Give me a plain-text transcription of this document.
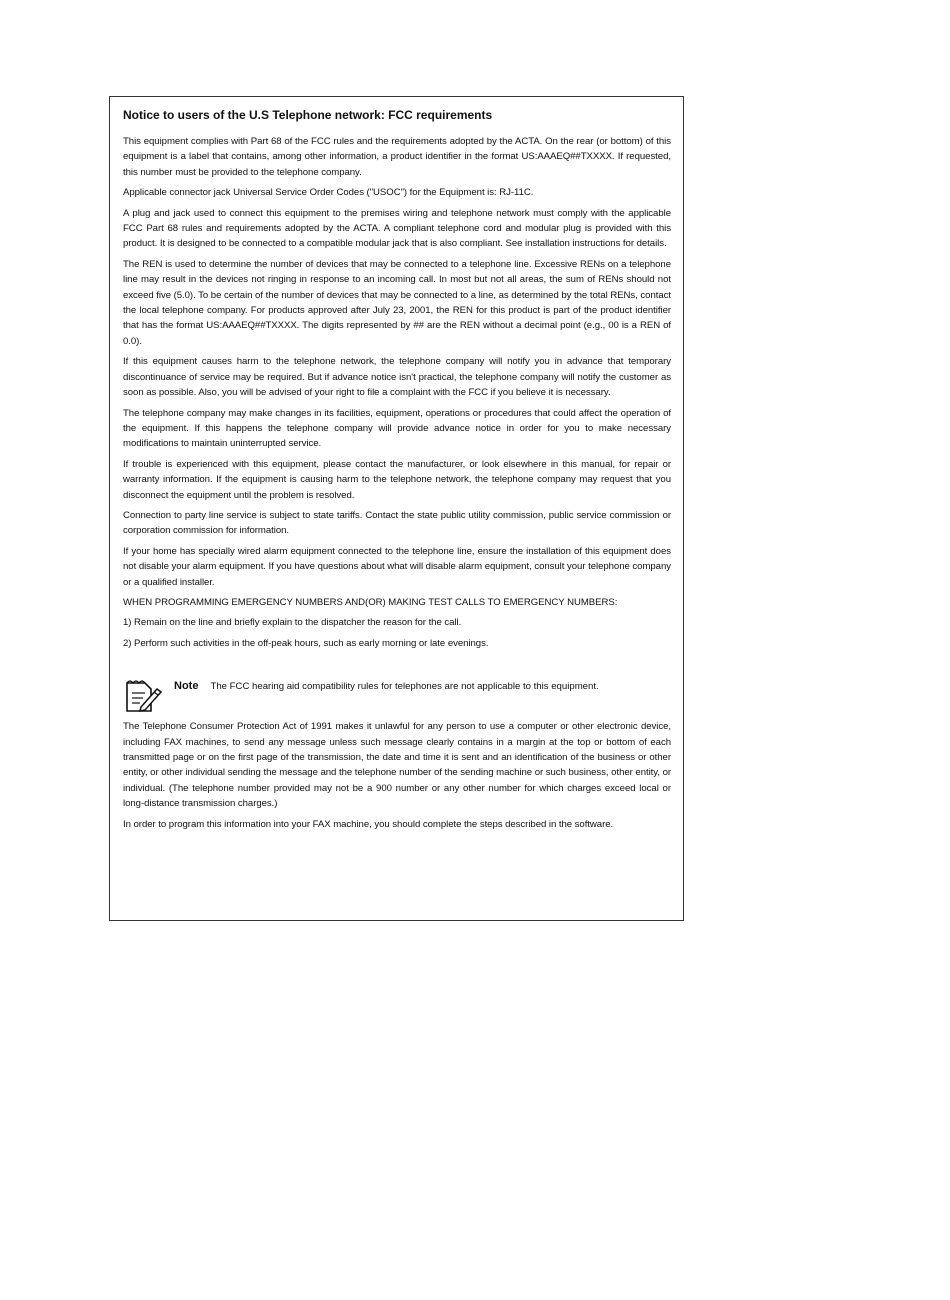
Notice to users of the U.S Telephone network: FCC requirements

This equipment complies with Part 68 of the FCC rules and the requirements adopted by the ACTA. On the rear (or bottom) of this equipment is a label that contains, among other information, a product identifier in the format US:AAAEQ##TXXXX. If requested, this number must be provided to the telephone company.

Applicable connector jack Universal Service Order Codes ("USOC") for the Equipment is: RJ-11C.

A plug and jack used to connect this equipment to the premises wiring and telephone network must comply with the applicable FCC Part 68 rules and requirements adopted by the ACTA. A compliant telephone cord and modular plug is provided with this product. It is designed to be connected to a compatible modular jack that is also compliant. See installation instructions for details.

The REN is used to determine the number of devices that may be connected to a telephone line. Excessive RENs on a telephone line may result in the devices not ringing in response to an incoming call. In most but not all areas, the sum of RENs should not exceed five (5.0). To be certain of the number of devices that may be connected to a line, as determined by the total RENs, contact the local telephone company. For products approved after July 23, 2001, the REN for this product is part of the product identifier that has the format US:AAAEQ##TXXXX. The digits represented by ## are the REN without a decimal point (e.g., 00 is a REN of 0.0).

If this equipment causes harm to the telephone network, the telephone company will notify you in advance that temporary discontinuance of service may be required. But if advance notice isn't practical, the telephone company will notify the customer as soon as possible. Also, you will be advised of your right to file a complaint with the FCC if you believe it is necessary.

The telephone company may make changes in its facilities, equipment, operations or procedures that could affect the operation of the equipment. If this happens the telephone company will provide advance notice in order for you to make necessary modifications to maintain uninterrupted service.

If trouble is experienced with this equipment, please contact the manufacturer, or look elsewhere in this manual, for repair or warranty information. If the equipment is causing harm to the telephone network, the telephone company may request that you disconnect the equipment until the problem is resolved.

Connection to party line service is subject to state tariffs. Contact the state public utility commission, public service commission or corporation commission for information.

If your home has specially wired alarm equipment connected to the telephone line, ensure the installation of this equipment does not disable your alarm equipment. If you have questions about what will disable alarm equipment, consult your telephone company or a qualified installer.

WHEN PROGRAMMING EMERGENCY NUMBERS AND(OR) MAKING TEST CALLS TO EMERGENCY NUMBERS:

1) Remain on the line and briefly explain to the dispatcher the reason for the call.

2) Perform such activities in the off-peak hours, such as early morning or late evenings.

Note The FCC hearing aid compatibility rules for telephones are not applicable to this equipment.

The Telephone Consumer Protection Act of 1991 makes it unlawful for any person to use a computer or other electronic device, including FAX machines, to send any message unless such message clearly contains in a margin at the top or bottom of each transmitted page or on the first page of the transmission, the date and time it is sent and an identification of the business or other entity, or other individual sending the message and the telephone number of the sending machine or such business, other entity, or individual. (The telephone number provided may not be a 900 number or any other number for which charges exceed local or long-distance transmission charges.)

In order to program this information into your FAX machine, you should complete the steps described in the software.
